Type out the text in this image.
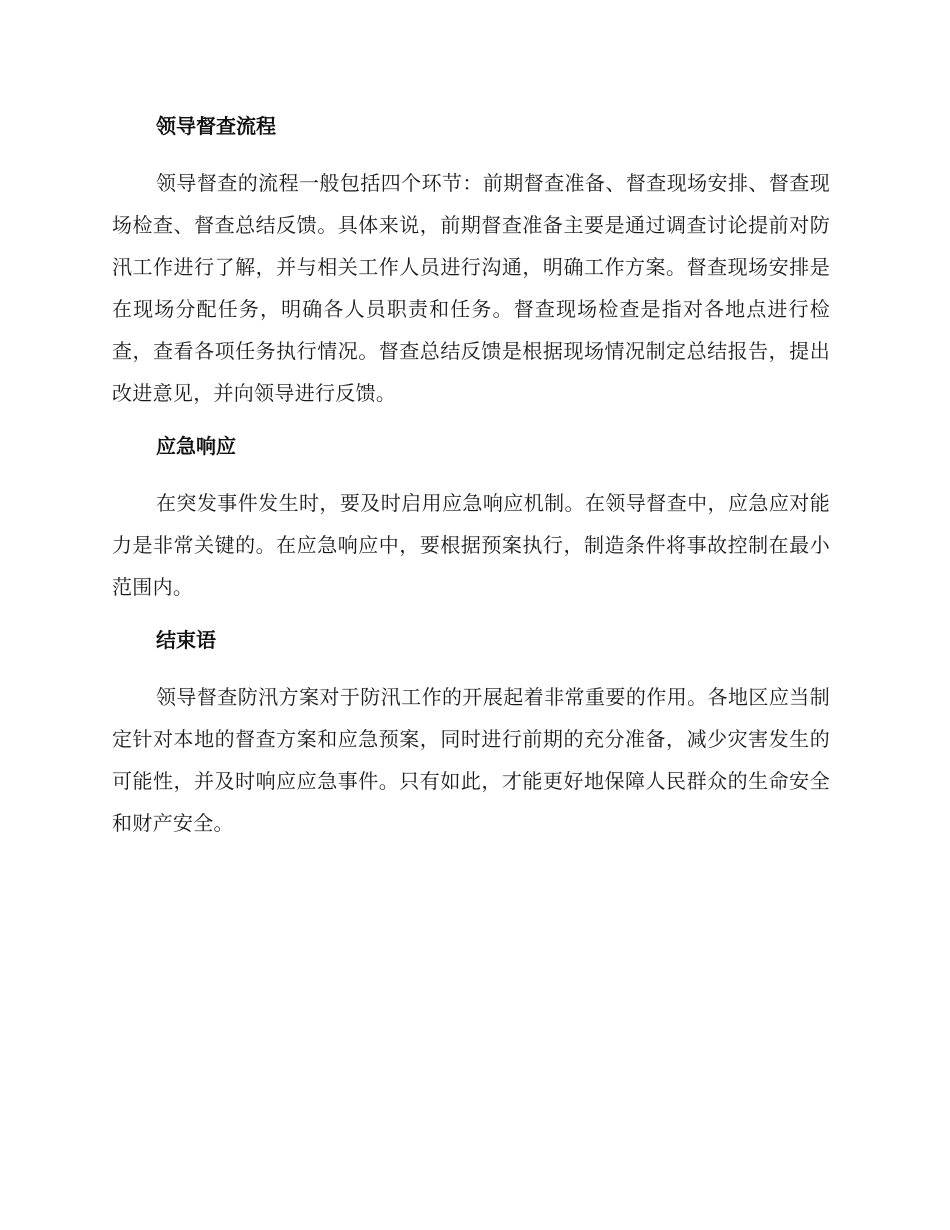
领导督查流程

领导督查的流程一般包括四个环节：前期督查准备、督查现场安排、督查现场检查、督查总结反馈。具体来说，前期督查准备主要是通过调查讨论提前对防汛工作进行了解，并与相关工作人员进行沟通，明确工作方案。督查现场安排是在现场分配任务，明确各人员职责和任务。督查现场检查是指对各地点进行检查，查看各项任务执行情况。督查总结反馈是根据现场情况制定总结报告，提出改进意见，并向领导进行反馈。

应急响应

在突发事件发生时，要及时启用应急响应机制。在领导督查中，应急应对能力是非常关键的。在应急响应中，要根据预案执行，制造条件将事故控制在最小范围内。

结束语

领导督查防汛方案对于防汛工作的开展起着非常重要的作用。各地区应当制定针对本地的督查方案和应急预案，同时进行前期的充分准备，减少灾害发生的可能性，并及时响应应急事件。只有如此，才能更好地保障人民群众的生命安全和财产安全。
